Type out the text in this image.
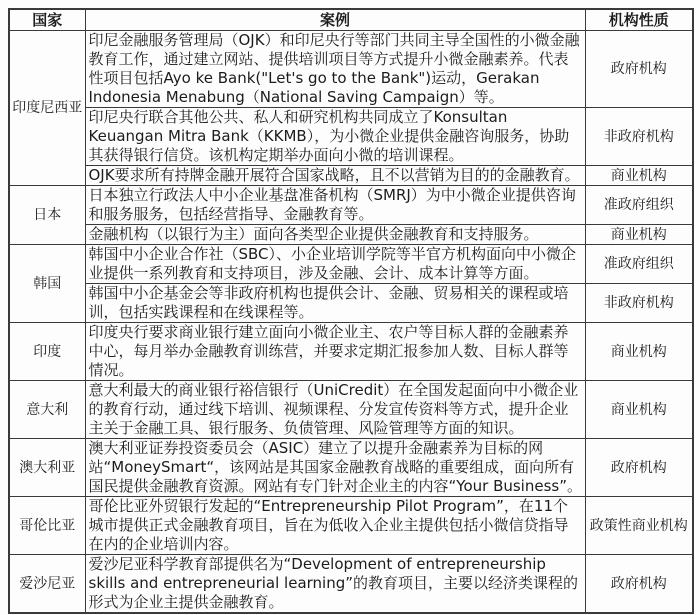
国家	案例	机构性质
印度尼西亚	印尼金融服务管理局（OJK）和印尼央行等部门共同主导全国性的小微金融教育工作，通过建立网站、提供培训项目等方式提升小微金融素养。代表性项目包括Ayo ke Bank("Let's go to the Bank")运动，Gerakan Indonesia Menabung（National Saving Campaign）等。	政府机构
	印尼央行联合其他公共、私人和研究机构共同成立了Konsultan Keuangan Mitra Bank（KKMB），为小微企业提供金融咨询服务，协助其获得银行信贷。该机构定期举办面向小微的培训课程。	非政府机构
	OJK要求所有持牌金融开展符合国家战略，且不以营销为目的的金融教育。	商业机构
日本	日本独立行政法人中小企业基盘准备机构（SMRJ）为中小微企业提供咨询和服务服务，包括经营指导、金融教育等。	准政府组织
	金融机构（以银行为主）面向各类型企业提供金融教育和支持服务。	商业机构
韩国	韩国中小企业合作社（SBC）、小企业培训学院等半官方机构面向中小微企业提供一系列教育和支持项目，涉及金融、会计、成本计算等方面。	准政府组织
	韩国中小企基金会等非政府机构也提供会计、金融、贸易相关的课程或培训，包括实践课程和在线课程等。	非政府机构
印度	印度央行要求商业银行建立面向小微企业主、农户等目标人群的金融素养中心，每月举办金融教育训练营，并要求定期汇报参加人数、目标人群等情况。	商业机构
意大利	意大利最大的商业银行裕信银行（UniCredit）在全国发起面向中小微企业的教育行动，通过线下培训、视频课程、分发宣传资料等方式，提升企业主关于金融工具、银行服务、负债管理、风险管理等方面的知识。	商业机构
澳大利亚	澳大利亚证券投资委员会（ASIC）建立了以提升金融素养为目标的网站“MoneySmart“，该网站是其国家金融教育战略的重要组成，面向所有国民提供金融教育资源。网站有专门针对企业主的内容“Your Business”。	政府机构
哥伦比亚	哥伦比亚外贸银行发起的“Entrepreneurship Pilot Program”，在11个城市提供正式金融教育项目，旨在为低收入企业主提供包括小微信贷指导在内的企业培训内容。	政策性商业机构
爱沙尼亚	爱沙尼亚科学教育部提供名为“Development of entrepreneurship skills and entrepreneurial learning”的教育项目，主要以经济类课程的形式为企业主提供金融教育。	政府机构
